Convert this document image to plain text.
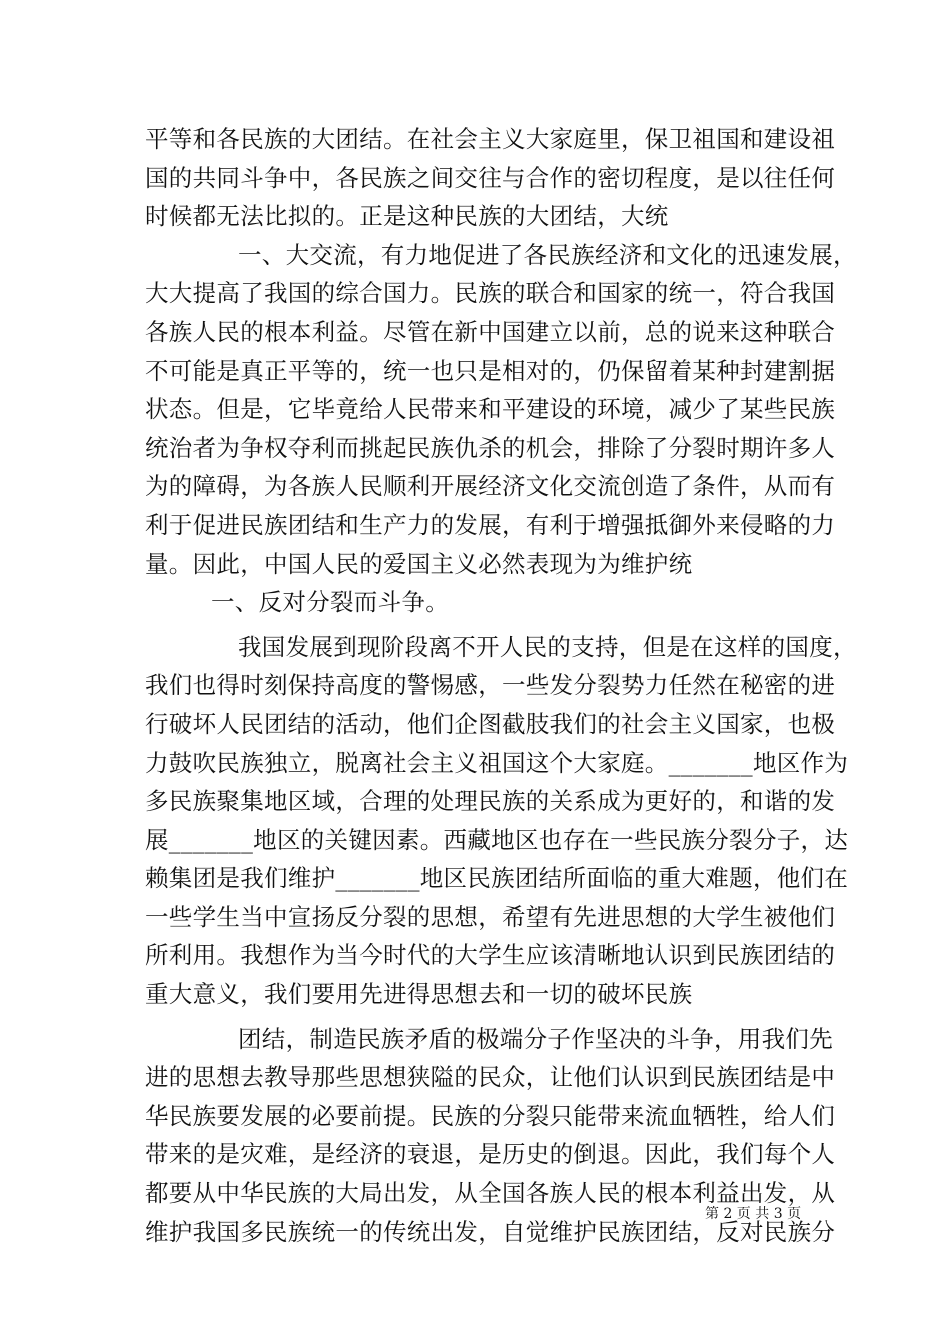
平等和各民族的大团结。在社会主义大家庭里，保卫祖国和建设祖
国的共同斗争中，各民族之间交往与合作的密切程度，是以往任何
时候都无法比拟的。正是这种民族的大团结，大统
一、大交流，有力地促进了各民族经济和文化的迅速发展，
大大提高了我国的综合国力。民族的联合和国家的统一，符合我国
各族人民的根本利益。尽管在新中国建立以前，总的说来这种联合
不可能是真正平等的，统一也只是相对的，仍保留着某种封建割据
状态。但是，它毕竟给人民带来和平建设的环境，减少了某些民族
统治者为争权夺利而挑起民族仇杀的机会，排除了分裂时期许多人
为的障碍，为各族人民顺利开展经济文化交流创造了条件，从而有
利于促进民族团结和生产力的发展，有利于增强抵御外来侵略的力
量。因此，中国人民的爱国主义必然表现为为维护统
一、反对分裂而斗争。
我国发展到现阶段离不开人民的支持，但是在这样的国度，
我们也得时刻保持高度的警惕感，一些发分裂势力任然在秘密的进
行破坏人民团结的活动，他们企图截肢我们的社会主义国家，也极
力鼓吹民族独立，脱离社会主义祖国这个大家庭。_______地区作为
多民族聚集地区域，合理的处理民族的关系成为更好的，和谐的发
展_______地区的关键因素。西藏地区也存在一些民族分裂分子，达
赖集团是我们维护_______地区民族团结所面临的重大难题，他们在
一些学生当中宣扬反分裂的思想，希望有先进思想的大学生被他们
所利用。我想作为当今时代的大学生应该清晰地认识到民族团结的
重大意义，我们要用先进得思想去和一切的破坏民族
团结，制造民族矛盾的极端分子作坚决的斗争，用我们先
进的思想去教导那些思想狭隘的民众，让他们认识到民族团结是中
华民族要发展的必要前提。民族的分裂只能带来流血牺牲，给人们
带来的是灾难，是经济的衰退，是历史的倒退。因此，我们每个人
都要从中华民族的大局出发，从全国各族人民的根本利益出发，从
维护我国多民族统一的传统出发，自觉维护民族团结，反对民族分
第 2 页 共 3 页
